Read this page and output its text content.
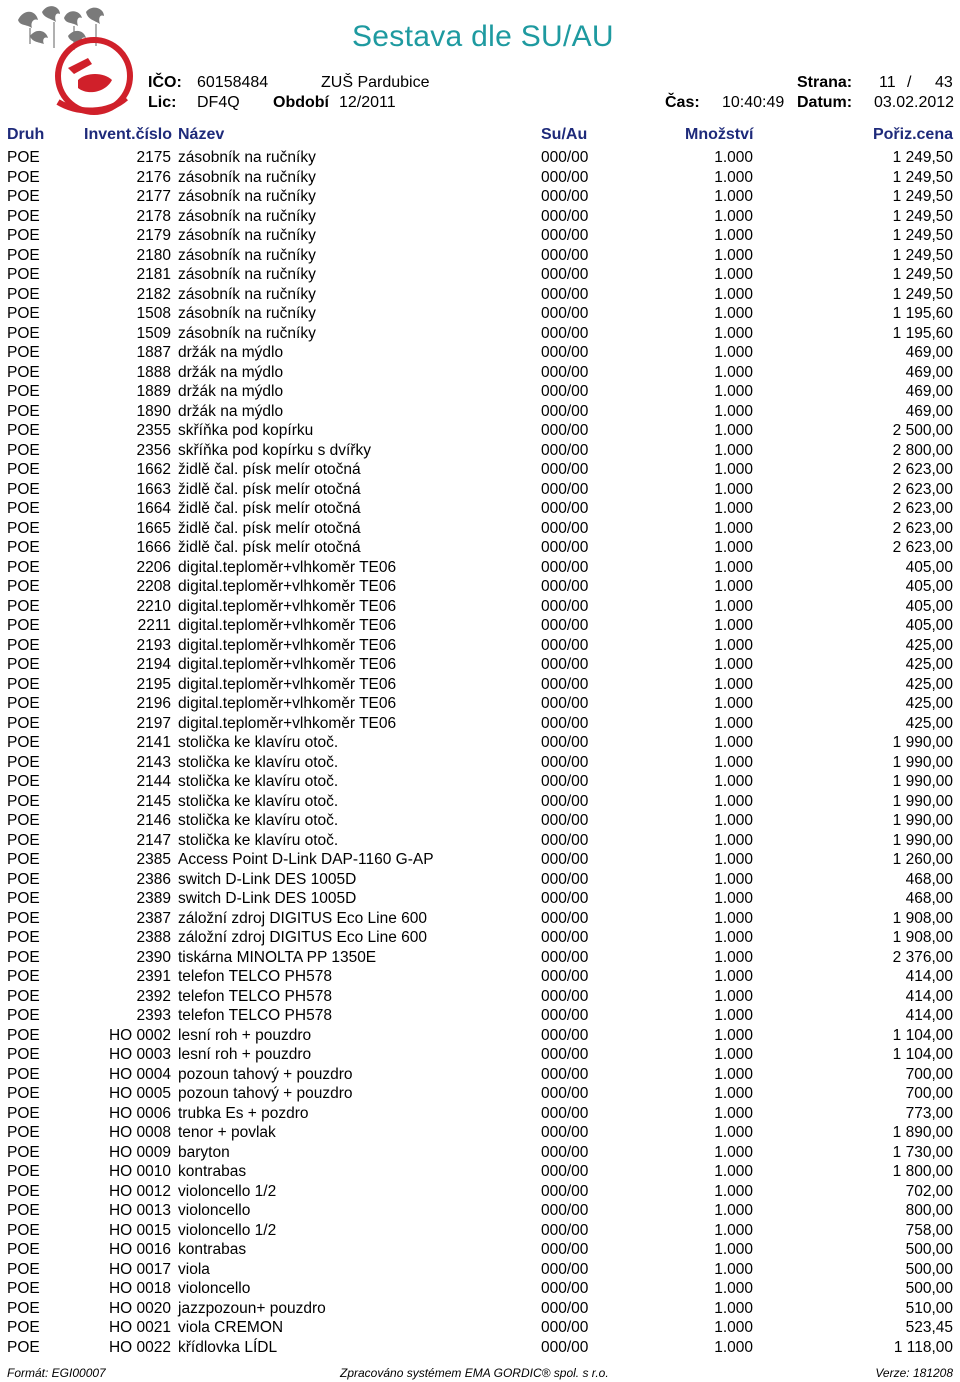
Sestava dle SU/AU
IČO: 60158484	ZUŠ Pardubice	Strana: 11 / 43
Lic: DF4Q Období 12/2011	Čas: 10:40:49 Datum: 03.02.2012
Druh Invent.číslo Název	Su/Au	Množství	Pořiz.cena
POE	2175 zásobník na ručníky	000/00	1.000	1 249,50
POE	2176 zásobník na ručníky	000/00	1.000	1 249,50
POE	2177 zásobník na ručníky	000/00	1.000	1 249,50
POE	2178 zásobník na ručníky	000/00	1.000	1 249,50
POE	2179 zásobník na ručníky	000/00	1.000	1 249,50
POE	2180 zásobník na ručníky	000/00	1.000	1 249,50
POE	2181 zásobník na ručníky	000/00	1.000	1 249,50
POE	2182 zásobník na ručníky	000/00	1.000	1 249,50
POE	1508 zásobník na ručníky	000/00	1.000	1 195,60
POE	1509 zásobník na ručníky	000/00	1.000	1 195,60
POE	1887 držák na mýdlo	000/00	1.000	469,00
POE	1888 držák na mýdlo	000/00	1.000	469,00
POE	1889 držák na mýdlo	000/00	1.000	469,00
POE	1890 držák na mýdlo	000/00	1.000	469,00
POE	2355 skříňka pod kopírku	000/00	1.000	2 500,00
POE	2356 skříňka pod kopírku s dvířky	000/00	1.000	2 800,00
POE	1662 židlě čal. písk melír otočná	000/00	1.000	2 623,00
POE	1663 židlě čal. písk melír otočná	000/00	1.000	2 623,00
POE	1664 židlě čal. písk melír otočná	000/00	1.000	2 623,00
POE	1665 židlě čal. písk melír otočná	000/00	1.000	2 623,00
POE	1666 židlě čal. písk melír otočná	000/00	1.000	2 623,00
POE	2206 digital.teploměr+vlhkoměr TE06	000/00	1.000	405,00
POE	2208 digital.teploměr+vlhkoměr TE06	000/00	1.000	405,00
POE	2210 digital.teploměr+vlhkoměr TE06	000/00	1.000	405,00
POE	2211 digital.teploměr+vlhkoměr TE06	000/00	1.000	405,00
POE	2193 digital.teploměr+vlhkoměr TE06	000/00	1.000	425,00
POE	2194 digital.teploměr+vlhkoměr TE06	000/00	1.000	425,00
POE	2195 digital.teploměr+vlhkoměr TE06	000/00	1.000	425,00
POE	2196 digital.teploměr+vlhkoměr TE06	000/00	1.000	425,00
POE	2197 digital.teploměr+vlhkoměr TE06	000/00	1.000	425,00
POE	2141 stolička ke klavíru otoč.	000/00	1.000	1 990,00
POE	2143 stolička ke klavíru otoč.	000/00	1.000	1 990,00
POE	2144 stolička ke klavíru otoč.	000/00	1.000	1 990,00
POE	2145 stolička ke klavíru otoč.	000/00	1.000	1 990,00
POE	2146 stolička ke klavíru otoč.	000/00	1.000	1 990,00
POE	2147 stolička ke klavíru otoč.	000/00	1.000	1 990,00
POE	2385 Access Point D-Link DAP-1160 G-AP	000/00	1.000	1 260,00
POE	2386 switch D-Link DES 1005D	000/00	1.000	468,00
POE	2389 switch D-Link DES 1005D	000/00	1.000	468,00
POE	2387 záložní zdroj DIGITUS Eco Line 600	000/00	1.000	1 908,00
POE	2388 záložní zdroj DIGITUS Eco Line 600	000/00	1.000	1 908,00
POE	2390 tiskárna MINOLTA PP 1350E	000/00	1.000	2 376,00
POE	2391 telefon TELCO PH578	000/00	1.000	414,00
POE	2392 telefon TELCO PH578	000/00	1.000	414,00
POE	2393 telefon TELCO PH578	000/00	1.000	414,00
POE	HO 0002 lesní roh + pouzdro	000/00	1.000	1 104,00
POE	HO 0003 lesní roh + pouzdro	000/00	1.000	1 104,00
POE	HO 0004 pozoun tahový + pouzdro	000/00	1.000	700,00
POE	HO 0005 pozoun tahový + pouzdro	000/00	1.000	700,00
POE	HO 0006 trubka Es + pozdro	000/00	1.000	773,00
POE	HO 0008 tenor + povlak	000/00	1.000	1 890,00
POE	HO 0009 baryton	000/00	1.000	1 730,00
POE	HO 0010 kontrabas	000/00	1.000	1 800,00
POE	HO 0012 violoncello 1/2	000/00	1.000	702,00
POE	HO 0013 violoncello	000/00	1.000	800,00
POE	HO 0015 violoncello 1/2	000/00	1.000	758,00
POE	HO 0016 kontrabas	000/00	1.000	500,00
POE	HO 0017 viola	000/00	1.000	500,00
POE	HO 0018 violoncello	000/00	1.000	500,00
POE	HO 0020 jazzpozoun+ pouzdro	000/00	1.000	510,00
POE	HO 0021 viola CREMON	000/00	1.000	523,45
POE	HO 0022 křídlovka LÍDL	000/00	1.000	1 118,00
Formát: EGI00007	Zpracováno systémem EMA GORDIC® spol. s r.o.	Verze: 181208
